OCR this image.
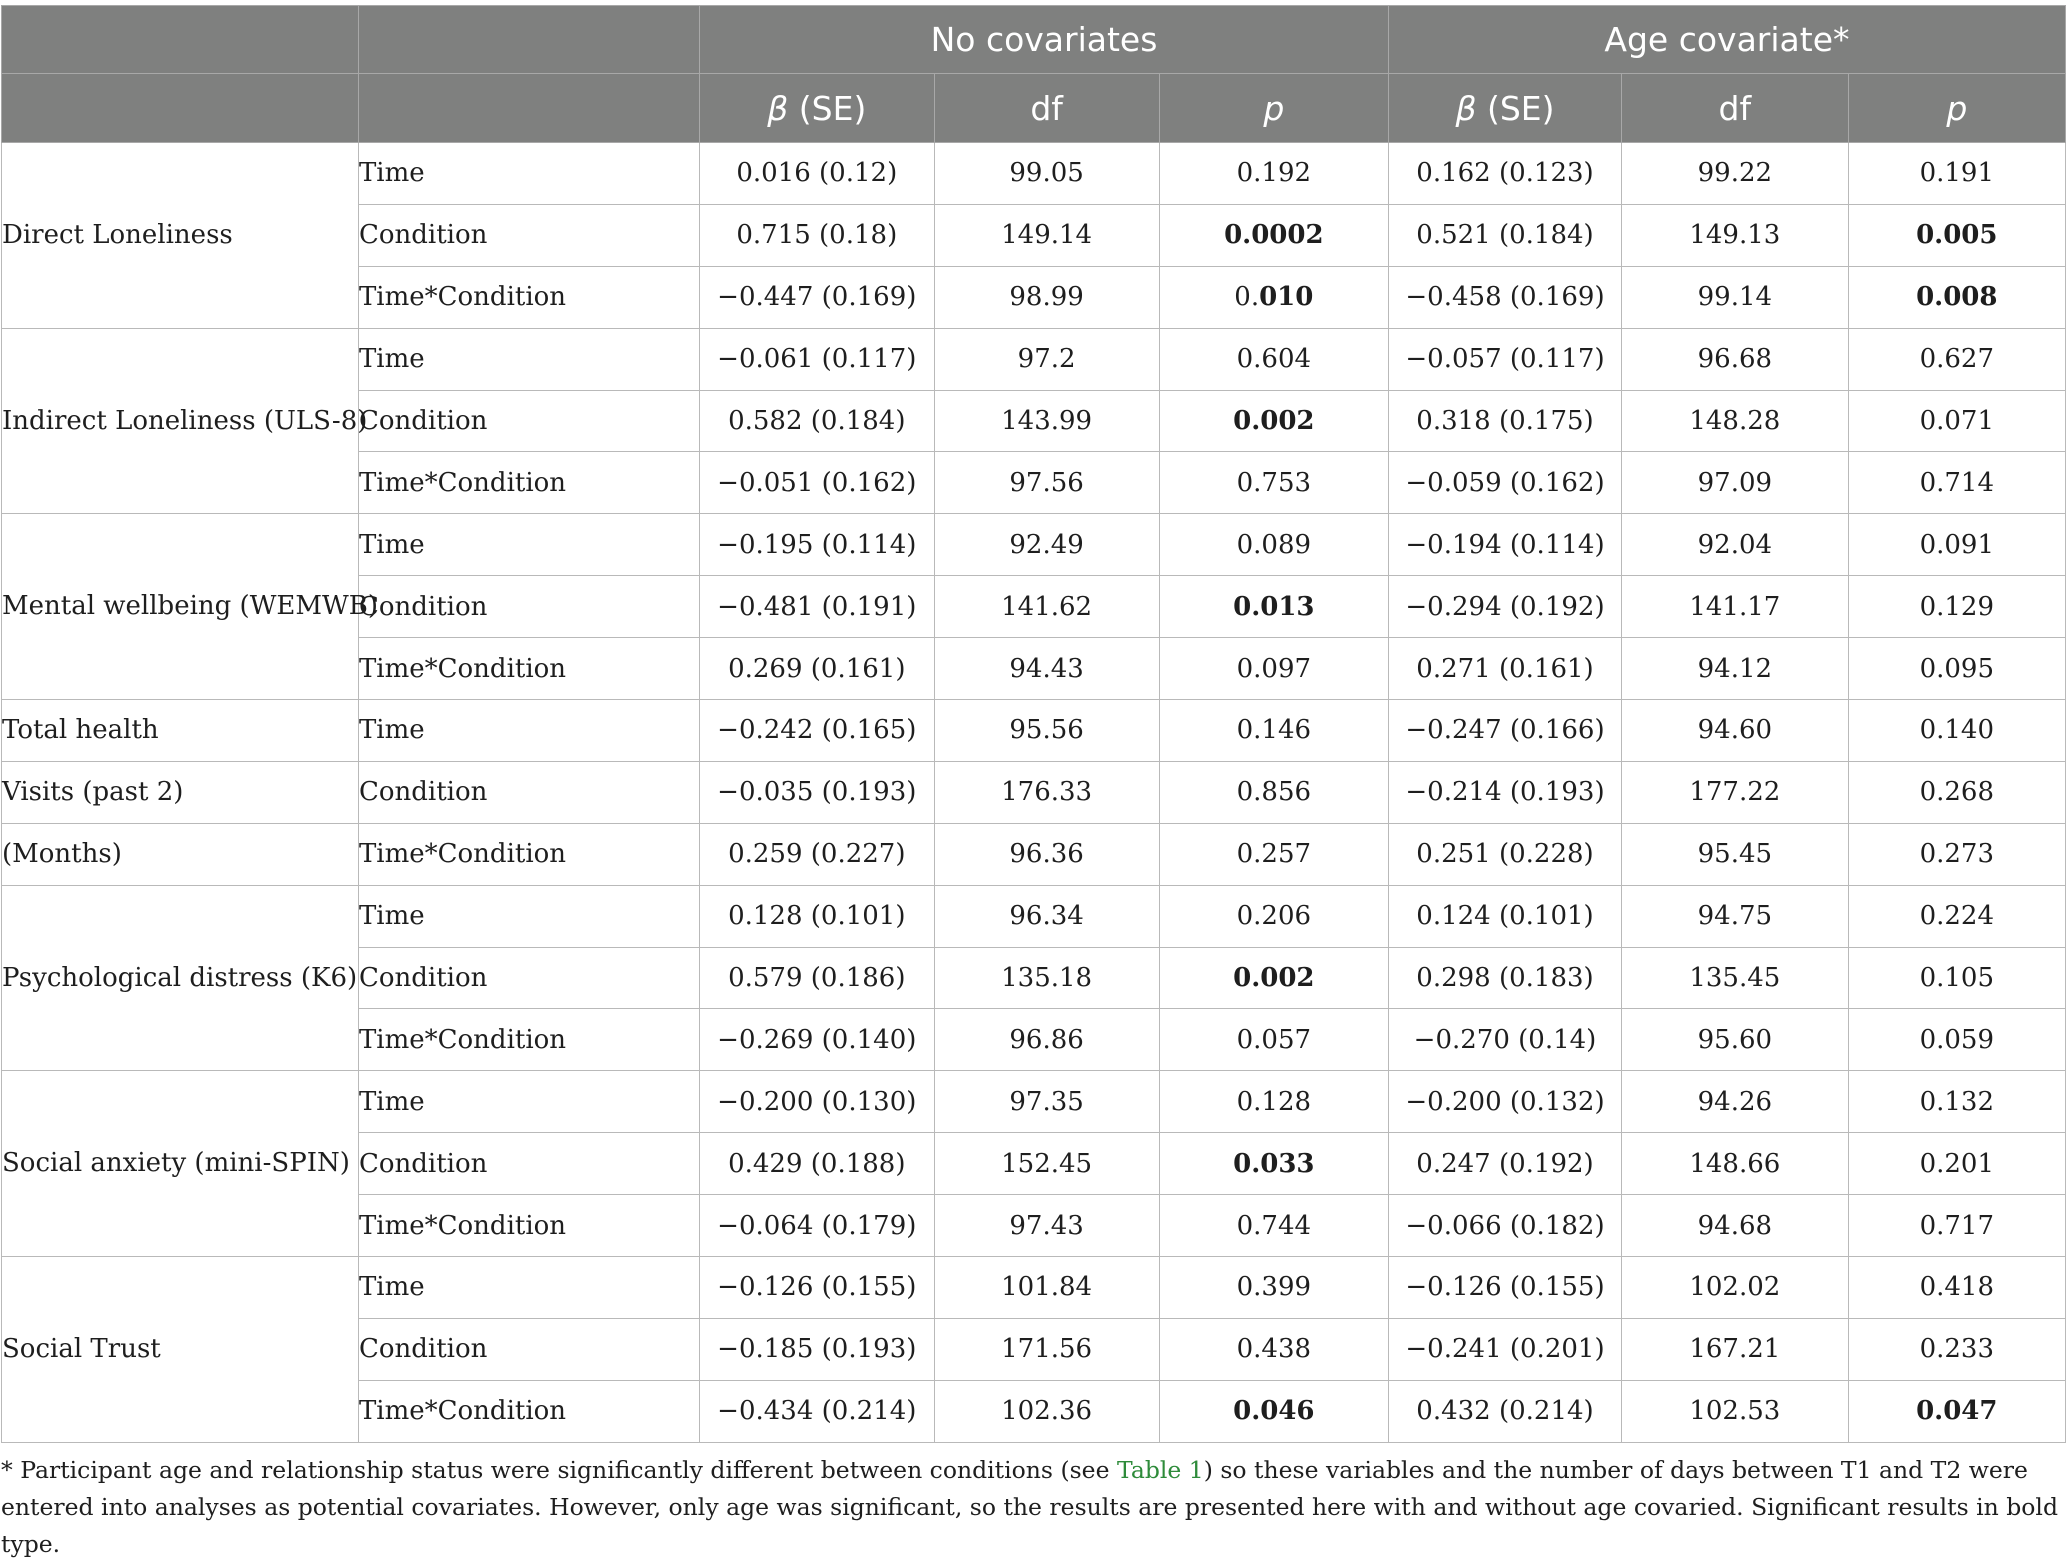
		No covariates			Age covariate*		
		β (SE)	df	p	β (SE)	df	p
Direct Loneliness	Time	0.016 (0.12)	99.05	0.192	0.162 (0.123)	99.22	0.191
	Condition	0.715 (0.18)	149.14	0.0002	0.521 (0.184)	149.13	0.005
	Time*Condition	−0.447 (0.169)	98.99	0.010	−0.458 (0.169)	99.14	0.008
Indirect Loneliness (ULS-8)	Time	−0.061 (0.117)	97.2	0.604	−0.057 (0.117)	96.68	0.627
	Condition	0.582 (0.184)	143.99	0.002	0.318 (0.175)	148.28	0.071
	Time*Condition	−0.051 (0.162)	97.56	0.753	−0.059 (0.162)	97.09	0.714
Mental wellbeing (WEMWB)	Time	−0.195 (0.114)	92.49	0.089	−0.194 (0.114)	92.04	0.091
	Condition	−0.481 (0.191)	141.62	0.013	−0.294 (0.192)	141.17	0.129
	Time*Condition	0.269 (0.161)	94.43	0.097	0.271 (0.161)	94.12	0.095
Total health	Time	−0.242 (0.165)	95.56	0.146	−0.247 (0.166)	94.60	0.140
Visits (past 2)	Condition	−0.035 (0.193)	176.33	0.856	−0.214 (0.193)	177.22	0.268
(Months)	Time*Condition	0.259 (0.227)	96.36	0.257	0.251 (0.228)	95.45	0.273
Psychological distress (K6)	Time	0.128 (0.101)	96.34	0.206	0.124 (0.101)	94.75	0.224
	Condition	0.579 (0.186)	135.18	0.002	0.298 (0.183)	135.45	0.105
	Time*Condition	−0.269 (0.140)	96.86	0.057	−0.270 (0.14)	95.60	0.059
Social anxiety (mini-SPIN)	Time	−0.200 (0.130)	97.35	0.128	−0.200 (0.132)	94.26	0.132
	Condition	0.429 (0.188)	152.45	0.033	0.247 (0.192)	148.66	0.201
	Time*Condition	−0.064 (0.179)	97.43	0.744	−0.066 (0.182)	94.68	0.717
Social Trust	Time	−0.126 (0.155)	101.84	0.399	−0.126 (0.155)	102.02	0.418
	Condition	−0.185 (0.193)	171.56	0.438	−0.241 (0.201)	167.21	0.233
	Time*Condition	−0.434 (0.214)	102.36	0.046	0.432 (0.214)	102.53	0.047
* Participant age and relationship status were significantly different between conditions (see Table 1) so these variables and the number of days between T1 and T2 were entered into analyses as potential covariates. However, only age was significant, so the results are presented here with and without age covaried. Significant results in bold type.
